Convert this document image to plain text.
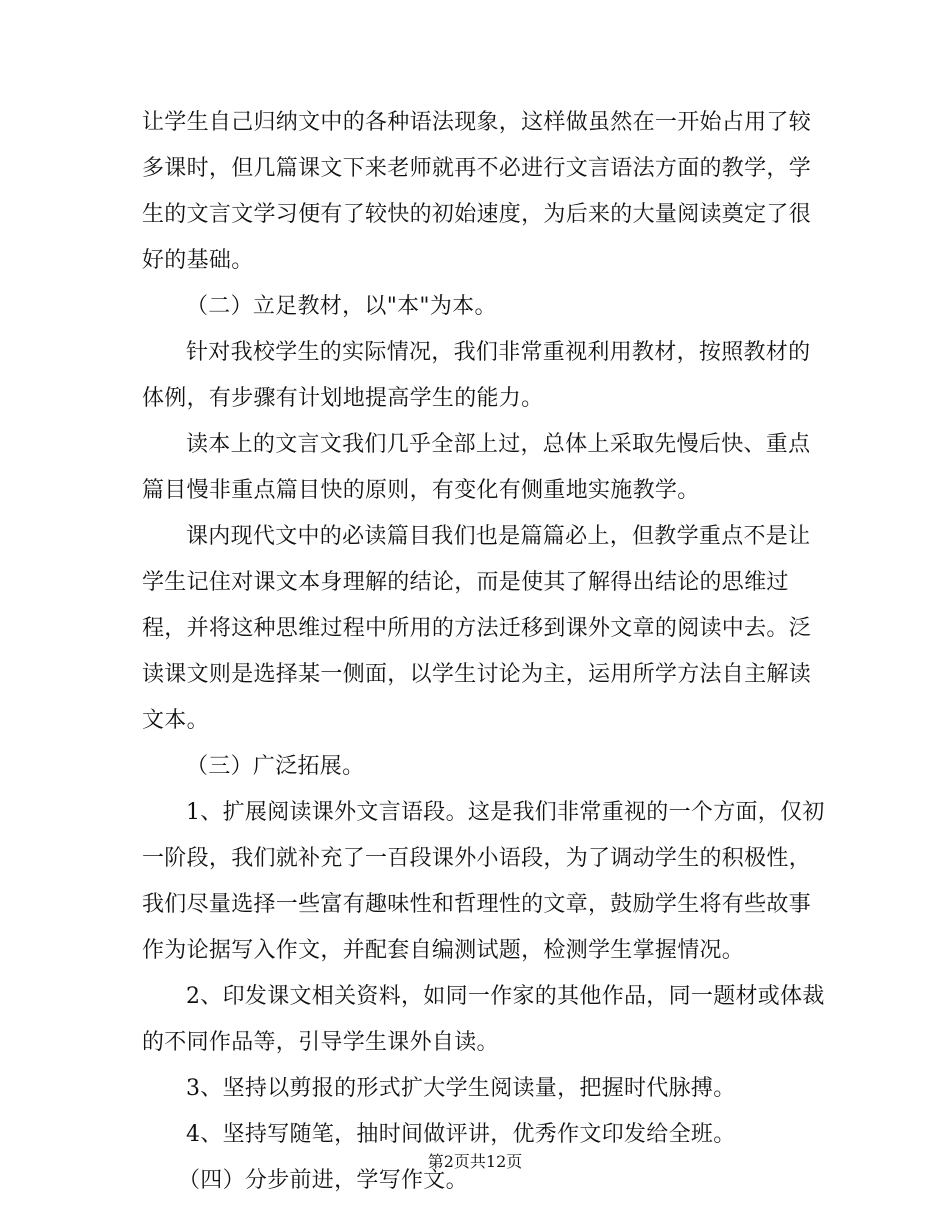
让学生自己归纳文中的各种语法现象，这样做虽然在一开始占用了较
多课时，但几篇课文下来老师就再不必进行文言语法方面的教学，学
生的文言文学习便有了较快的初始速度，为后来的大量阅读奠定了很
好的基础。
（二）立足教材，以"本"为本。
针对我校学生的实际情况，我们非常重视利用教材，按照教材的
体例，有步骤有计划地提高学生的能力。
读本上的文言文我们几乎全部上过，总体上采取先慢后快、重点
篇目慢非重点篇目快的原则，有变化有侧重地实施教学。
课内现代文中的必读篇目我们也是篇篇必上，但教学重点不是让
学生记住对课文本身理解的结论，而是使其了解得出结论的思维过
程，并将这种思维过程中所用的方法迁移到课外文章的阅读中去。泛
读课文则是选择某一侧面，以学生讨论为主，运用所学方法自主解读
文本。
（三）广泛拓展。
1、扩展阅读课外文言语段。这是我们非常重视的一个方面，仅初
一阶段，我们就补充了一百段课外小语段，为了调动学生的积极性，
我们尽量选择一些富有趣味性和哲理性的文章，鼓励学生将有些故事
作为论据写入作文，并配套自编测试题，检测学生掌握情况。
2、印发课文相关资料，如同一作家的其他作品，同一题材或体裁
的不同作品等，引导学生课外自读。
3、坚持以剪报的形式扩大学生阅读量，把握时代脉搏。
4、坚持写随笔，抽时间做评讲，优秀作文印发给全班。
（四）分步前进，学写作文。
第2页共12页
